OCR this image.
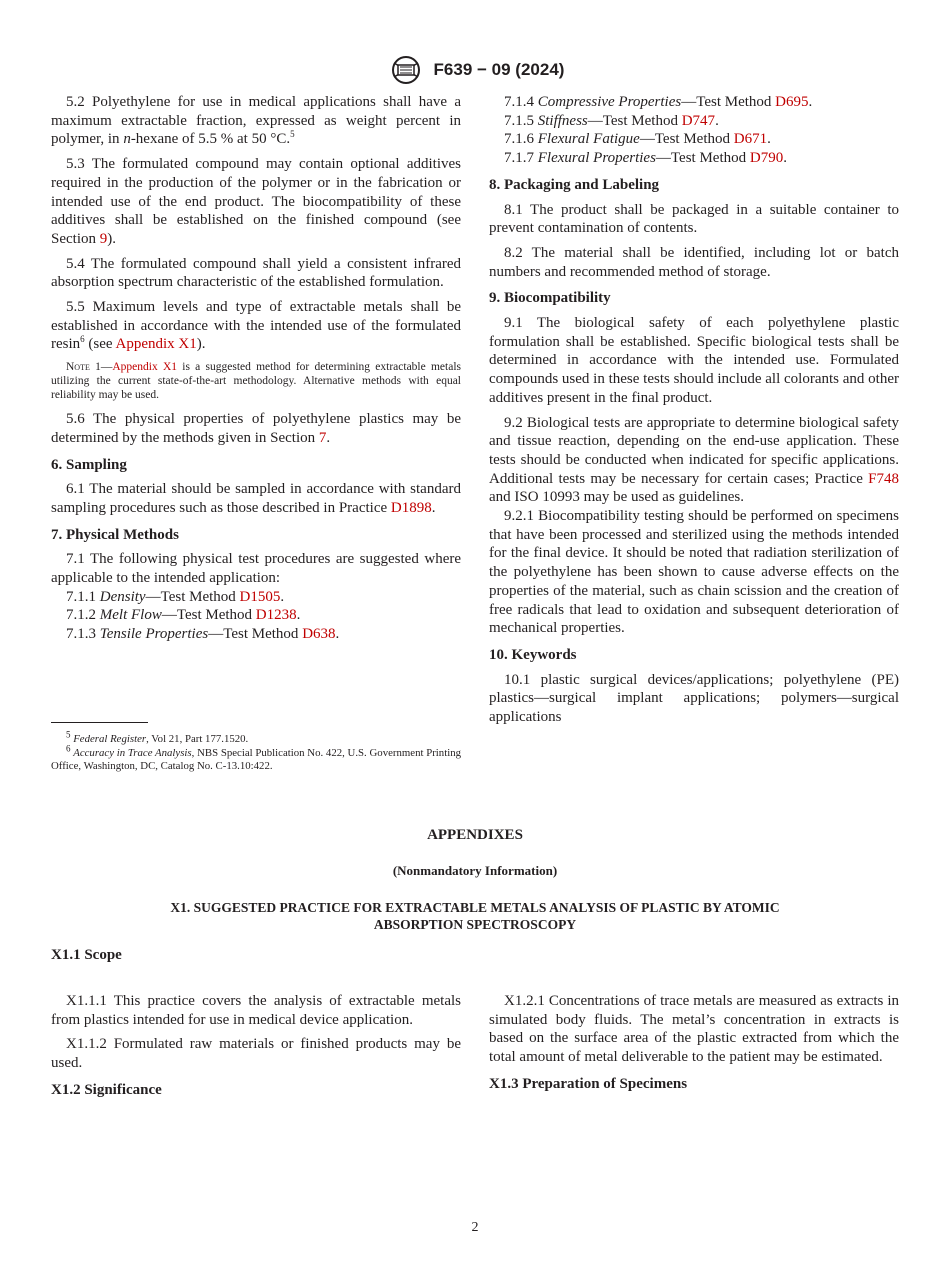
F639 − 09 (2024)

5.2 Polyethylene for use in medical applications shall have a maximum extractable fraction, expressed as weight percent in polymer, in n-hexane of 5.5 % at 50 °C.$^5$

5.3 The formulated compound may contain optional additives required in the production of the polymer or in the fabrication or intended use of the end product. The biocompatibility of these additives shall be established on the finished compound (see Section 9).

5.4 The formulated compound shall yield a consistent infrared absorption spectrum characteristic of the established formulation.

5.5 Maximum levels and type of extractable metals shall be established in accordance with the intended use of the formulated resin$^6$ (see Appendix X1).

Note 1—Appendix X1 is a suggested method for determining extractable metals utilizing the current state-of-the-art methodology. Alternative methods with equal reliability may be used.

5.6 The physical properties of polyethylene plastics may be determined by the methods given in Section 7.

6. Sampling

6.1 The material should be sampled in accordance with standard sampling procedures such as those described in Practice D1898.

7. Physical Methods

7.1 The following physical test procedures are suggested where applicable to the intended application:

7.1.1 Density—Test Method D1505.
7.1.2 Melt Flow—Test Method D1238.
7.1.3 Tensile Properties—Test Method D638.
$^5$ Federal Register, Vol 21, Part 177.1520.
$^6$ Accuracy in Trace Analysis, NBS Special Publication No. 422, U.S. Government Printing Office, Washington, DC, Catalog No. C-13.10:422.
7.1.4 Compressive Properties—Test Method D695.
7.1.5 Stiffness—Test Method D747.
7.1.6 Flexural Fatigue—Test Method D671.
7.1.7 Flexural Properties—Test Method D790.
8. Packaging and Labeling

8.1 The product shall be packaged in a suitable container to prevent contamination of contents.

8.2 The material shall be identified, including lot or batch numbers and recommended method of storage.

9. Biocompatibility

9.1 The biological safety of each polyethylene plastic formulation shall be established. Specific biological tests shall be determined in accordance with the intended use. Formulated compounds used in these tests should include all colorants and other additives present in the final product.

9.2 Biological tests are appropriate to determine biological safety and tissue reaction, depending on the end-use application. These tests should be conducted when indicated for specific applications. Additional tests may be necessary for certain cases; Practice F748 and ISO 10993 may be used as guidelines.

9.2.1 Biocompatibility testing should be performed on specimens that have been processed and sterilized using the methods intended for the final device. It should be noted that radiation sterilization of the polyethylene has been shown to cause adverse effects on the properties of the material, such as chain scission and the creation of free radicals that lead to oxidation and subsequent deterioration of mechanical properties.

10. Keywords

10.1 plastic surgical devices/applications; polyethylene (PE) plastics—surgical implant applications; polymers—surgical applications

APPENDIXES
(Nonmandatory Information)
X1. SUGGESTED PRACTICE FOR EXTRACTABLE METALS ANALYSIS OF PLASTIC BY ATOMIC
ABSORPTION SPECTROSCOPY
X1.1 Scope

X1.1.1 This practice covers the analysis of extractable metals from plastics intended for use in medical device application.

X1.1.2 Formulated raw materials or finished products may be used.

X1.2 Significance

X1.2.1 Concentrations of trace metals are measured as extracts in simulated body fluids. The metal’s concentration in extracts is based on the surface area of the plastic extracted from which the total amount of metal deliverable to the patient may be estimated.

X1.3 Preparation of Specimens
2
